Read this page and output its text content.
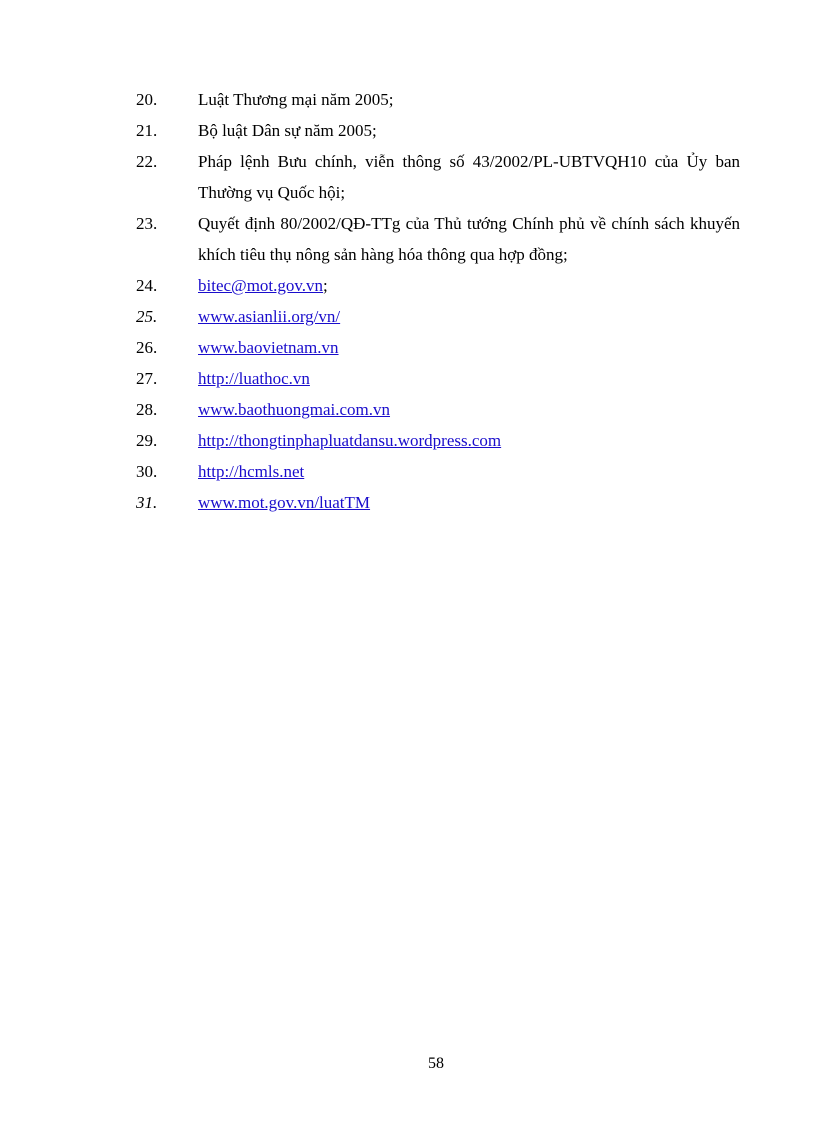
20.	Luật Thương mại năm 2005;
21.	Bộ luật Dân sự năm 2005;
22.	Pháp lệnh Bưu chính, viễn thông số 43/2002/PL-UBTVQH10 của Ủy ban Thường vụ Quốc hội;
23.	Quyết định 80/2002/QĐ-TTg của Thủ tướng Chính phủ về chính sách khuyến khích tiêu thụ nông sản hàng hóa thông qua hợp đồng;
24.	bitec@mot.gov.vn;
25.	www.asianlii.org/vn/
26.	www.baovietnam.vn
27.	http://luathoc.vn
28.	www.baothuongmai.com.vn
29.	http://thongtinphapluatdansu.wordpress.com
30.	http://hcmls.net
31.	www.mot.gov.vn/luatTM
58
